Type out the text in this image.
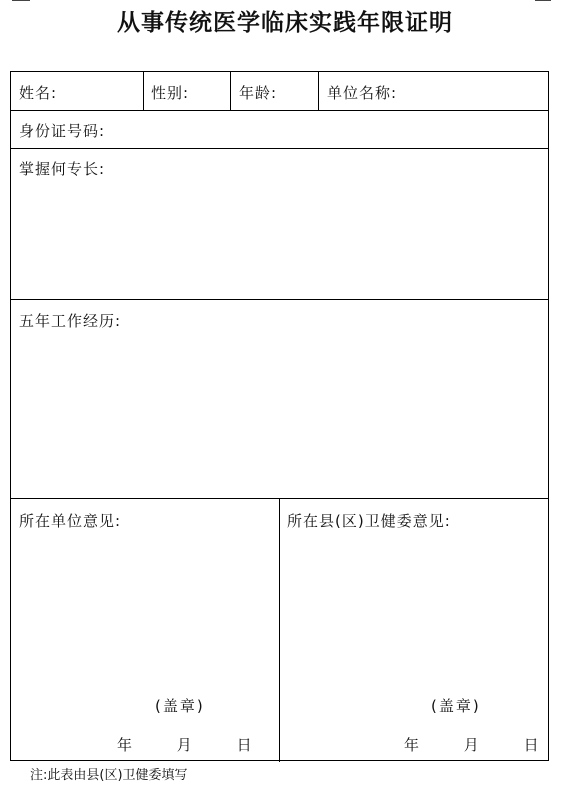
从事传统医学临床实践年限证明
姓名:	性别:	年龄:	单位名称:
身份证号码:
掌握何专长:
五年工作经历:
所在单位意见:
(盖章)
年	月	日
所在县(区)卫健委意见:
(盖章)
年	月	日
注:此表由县(区)卫健委填写
